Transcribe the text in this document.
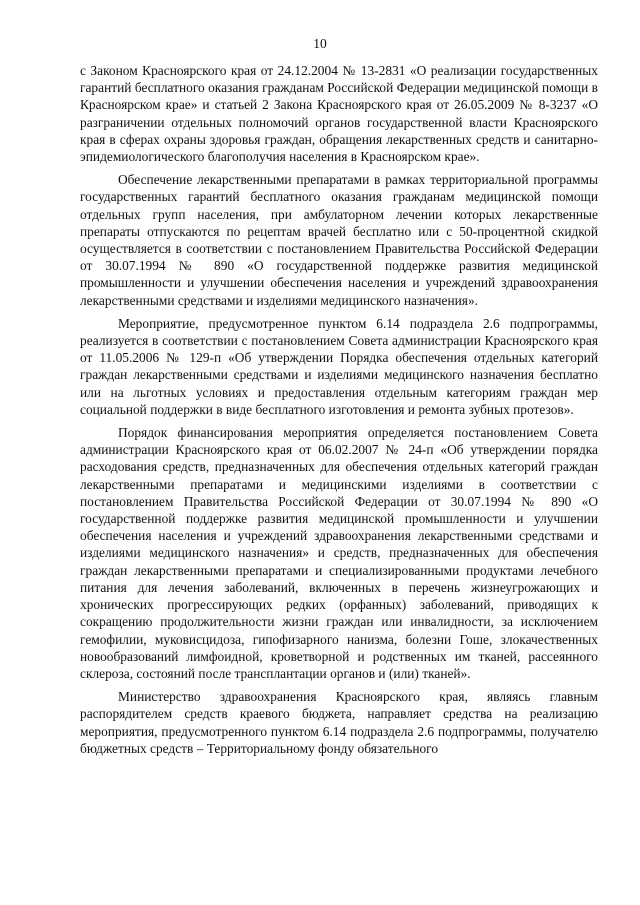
10

с Законом Красноярского края от 24.12.2004 № 13-2831 «О реализации государственных гарантий бесплатного оказания гражданам Российской Федерации медицинской помощи в Красноярском крае» и статьей 2 Закона Красноярского края от 26.05.2009 № 8-3237 «О разграничении отдельных полномочий органов государственной власти Красноярского края в сферах охраны здоровья граждан, обращения лекарственных средств и санитарно-эпидемиологического благополучия населения в Красноярском крае».

Обеспечение лекарственными препаратами в рамках территориальной программы государственных гарантий бесплатного оказания гражданам медицинской помощи отдельных групп населения, при амбулаторном лечении которых лекарственные препараты отпускаются по рецептам врачей бесплатно или с 50-процентной скидкой осуществляется в соответствии с постановлением Правительства Российской Федерации от 30.07.1994 № 890 «О государственной поддержке развития медицинской промышленности и улучшении обеспечения населения и учреждений здравоохранения лекарственными средствами и изделиями медицинского назначения».

Мероприятие, предусмотренное пунктом 6.14 подраздела 2.6 подпрограммы, реализуется в соответствии с постановлением Совета администрации Красноярского края от 11.05.2006 № 129-п «Об утверждении Порядка обеспечения отдельных категорий граждан лекарственными средствами и изделиями медицинского назначения бесплатно или на льготных условиях и предоставления отдельным категориям граждан мер социальной поддержки в виде бесплатного изготовления и ремонта зубных протезов».

Порядок финансирования мероприятия определяется постановлением Совета администрации Красноярского края от 06.02.2007 № 24-п «Об утверждении порядка расходования средств, предназначенных для обеспечения отдельных категорий граждан лекарственными препаратами и медицинскими изделиями в соответствии с постановлением Правительства Российской Федерации от 30.07.1994 № 890 «О государственной поддержке развития медицинской промышленности и улучшении обеспечения населения и учреждений здравоохранения лекарственными средствами и изделиями медицинского назначения» и средств, предназначенных для обеспечения граждан лекарственными препаратами и специализированными продуктами лечебного питания для лечения заболеваний, включенных в перечень жизнеугрожающих и хронических прогрессирующих редких (орфанных) заболеваний, приводящих к сокращению продолжительности жизни граждан или инвалидности, за исключением гемофилии, муковисцидоза, гипофизарного нанизма, болезни Гоше, злокачественных новообразований лимфоидной, кроветворной и родственных им тканей, рассеянного склероза, состояний после трансплантации органов и (или) тканей».

Министерство здравоохранения Красноярского края, являясь главным распорядителем средств краевого бюджета, направляет средства на реализацию мероприятия, предусмотренного пунктом 6.14 подраздела 2.6 подпрограммы, получателю бюджетных средств – Территориальному фонду обязательного
